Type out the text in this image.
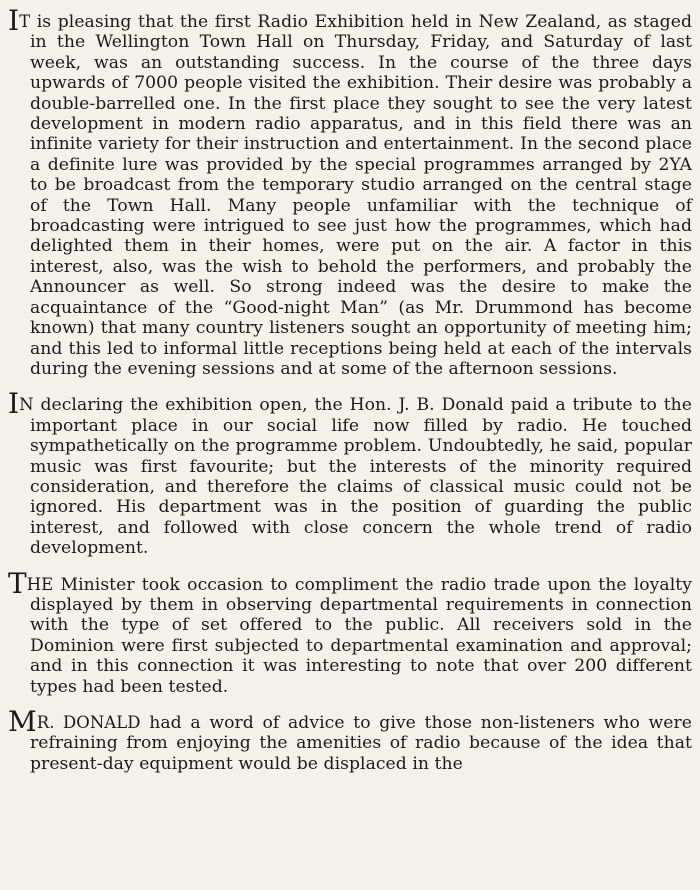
IT is pleasing that the first Radio Exhibition held in New Zealand, as staged in the Wellington Town Hall on Thursday, Friday, and Saturday of last week, was an outstanding success. In the course of the three days upwards of 7000 people visited the exhibition. Their desire was probably a double-barrelled one. In the first place they sought to see the very latest development in modern radio apparatus, and in this field there was an infinite variety for their instruction and entertainment. In the second place a definite lure was provided by the special programmes arranged by 2YA to be broadcast from the temporary studio arranged on the central stage of the Town Hall. Many people unfamiliar with the technique of broadcasting were intrigued to see just how the programmes, which had delighted them in their homes, were put on the air. A factor in this interest, also, was the wish to behold the performers, and probably the Announcer as well. So strong indeed was the desire to make the acquaintance of the “Good-night Man” (as Mr. Drummond has become known) that many country listeners sought an opportunity of meeting him; and this led to informal little receptions being held at each of the intervals during the evening sessions and at some of the afternoon sessions.

IN declaring the exhibition open, the Hon. J. B. Donald paid a tribute to the important place in our social life now filled by radio. He touched sympathetically on the programme problem. Undoubtedly, he said, popular music was first favourite; but the interests of the minority required consideration, and therefore the claims of classical music could not be ignored. His department was in the position of guarding the public interest, and followed with close concern the whole trend of radio development.

THE Minister took occasion to compliment the radio trade upon the loyalty displayed by them in observing departmental requirements in connection with the type of set offered to the public. All receivers sold in the Dominion were first subjected to departmental examination and approval; and in this connection it was interesting to note that over 200 different types had been tested.

MR. DONALD had a word of advice to give those non-listeners who were refraining from enjoying the amenities of radio because of the idea that present-day equipment would be displaced in the
